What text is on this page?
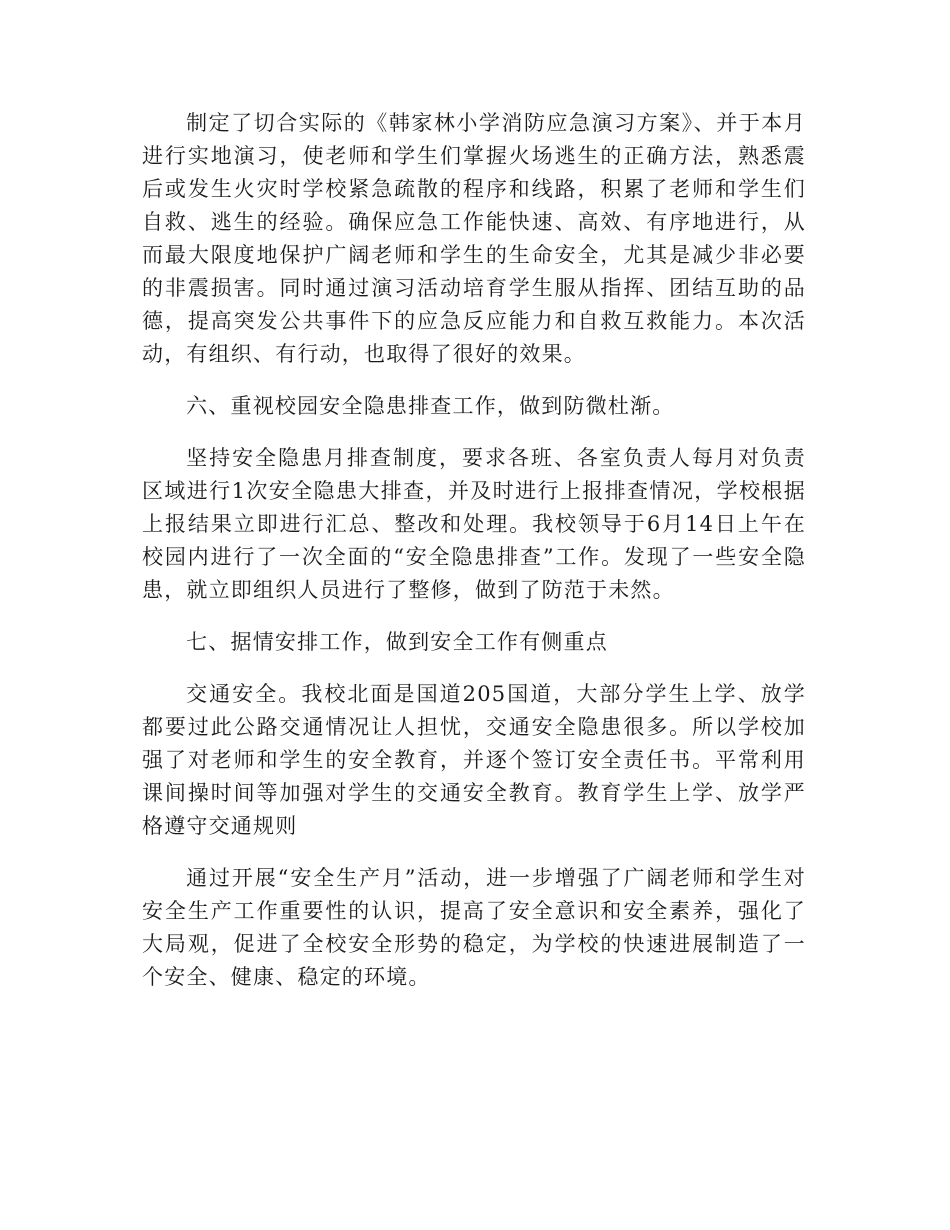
制定了切合实际的《韩家林小学消防应急演习方案》、并于本月进行实地演习，使老师和学生们掌握火场逃生的正确方法，熟悉震后或发生火灾时学校紧急疏散的程序和线路，积累了老师和学生们自救、逃生的经验。确保应急工作能快速、高效、有序地进行，从而最大限度地保护广阔老师和学生的生命安全，尤其是减少非必要的非震损害。同时通过演习活动培育学生服从指挥、团结互助的品德，提高突发公共事件下的应急反应能力和自救互救能力。本次活动，有组织、有行动，也取得了很好的效果。

六、重视校园安全隐患排查工作，做到防微杜渐。

坚持安全隐患月排查制度，要求各班、各室负责人每月对负责区域进行1次安全隐患大排查，并及时进行上报排查情况，学校根据上报结果立即进行汇总、整改和处理。我校领导于6月14日上午在校园内进行了一次全面的“安全隐患排查”工作。发现了一些安全隐患，就立即组织人员进行了整修，做到了防范于未然。

七、据情安排工作，做到安全工作有侧重点

交通安全。我校北面是国道205国道，大部分学生上学、放学都要过此公路交通情况让人担忧，交通安全隐患很多。所以学校加强了对老师和学生的安全教育，并逐个签订安全责任书。平常利用课间操时间等加强对学生的交通安全教育。教育学生上学、放学严格遵守交通规则

通过开展“安全生产月”活动，进一步增强了广阔老师和学生对安全生产工作重要性的认识，提高了安全意识和安全素养，强化了大局观，促进了全校安全形势的稳定，为学校的快速进展制造了一个安全、健康、稳定的环境。
